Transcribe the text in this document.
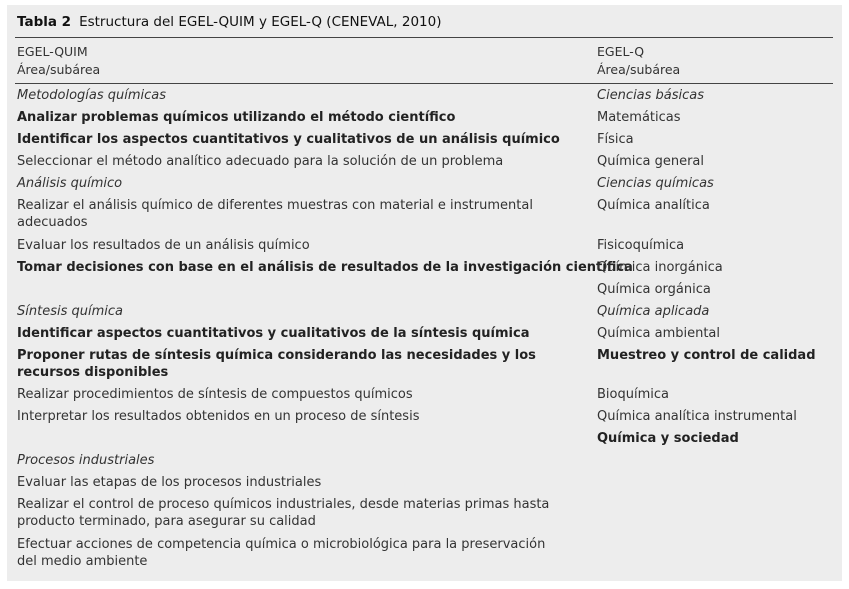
Tabla 2 Estructura del EGEL-QUIM y EGEL-Q (CENEVAL, 2010)
EGEL-QUIM
Área/subárea
EGEL-Q
Área/subárea
Metodologías químicas
Analizar problemas químicos utilizando el método científico
Identificar los aspectos cuantitativos y cualitativos de un análisis químico
Seleccionar el método analítico adecuado para la solución de un problema
Análisis químico
Realizar el análisis químico de diferentes muestras con material e instrumental adecuados
Evaluar los resultados de un análisis químico
Tomar decisiones con base en el análisis de resultados de la investigación científica
Síntesis química
Identificar aspectos cuantitativos y cualitativos de la síntesis química
Proponer rutas de síntesis química considerando las necesidades y los recursos disponibles
Realizar procedimientos de síntesis de compuestos químicos
Interpretar los resultados obtenidos en un proceso de síntesis
Procesos industriales
Evaluar las etapas de los procesos industriales
Realizar el control de proceso químicos industriales, desde materias primas hasta producto terminado, para asegurar su calidad
Efectuar acciones de competencia química o microbiológica para la preservación del medio ambiente
Ciencias básicas
Matemáticas
Física
Química general
Ciencias químicas
Química analítica
Fisicoquímica
Química inorgánica
Química orgánica
Química aplicada
Química ambiental
Muestreo y control de calidad
Bioquímica
Química analítica instrumental
Química y sociedad
